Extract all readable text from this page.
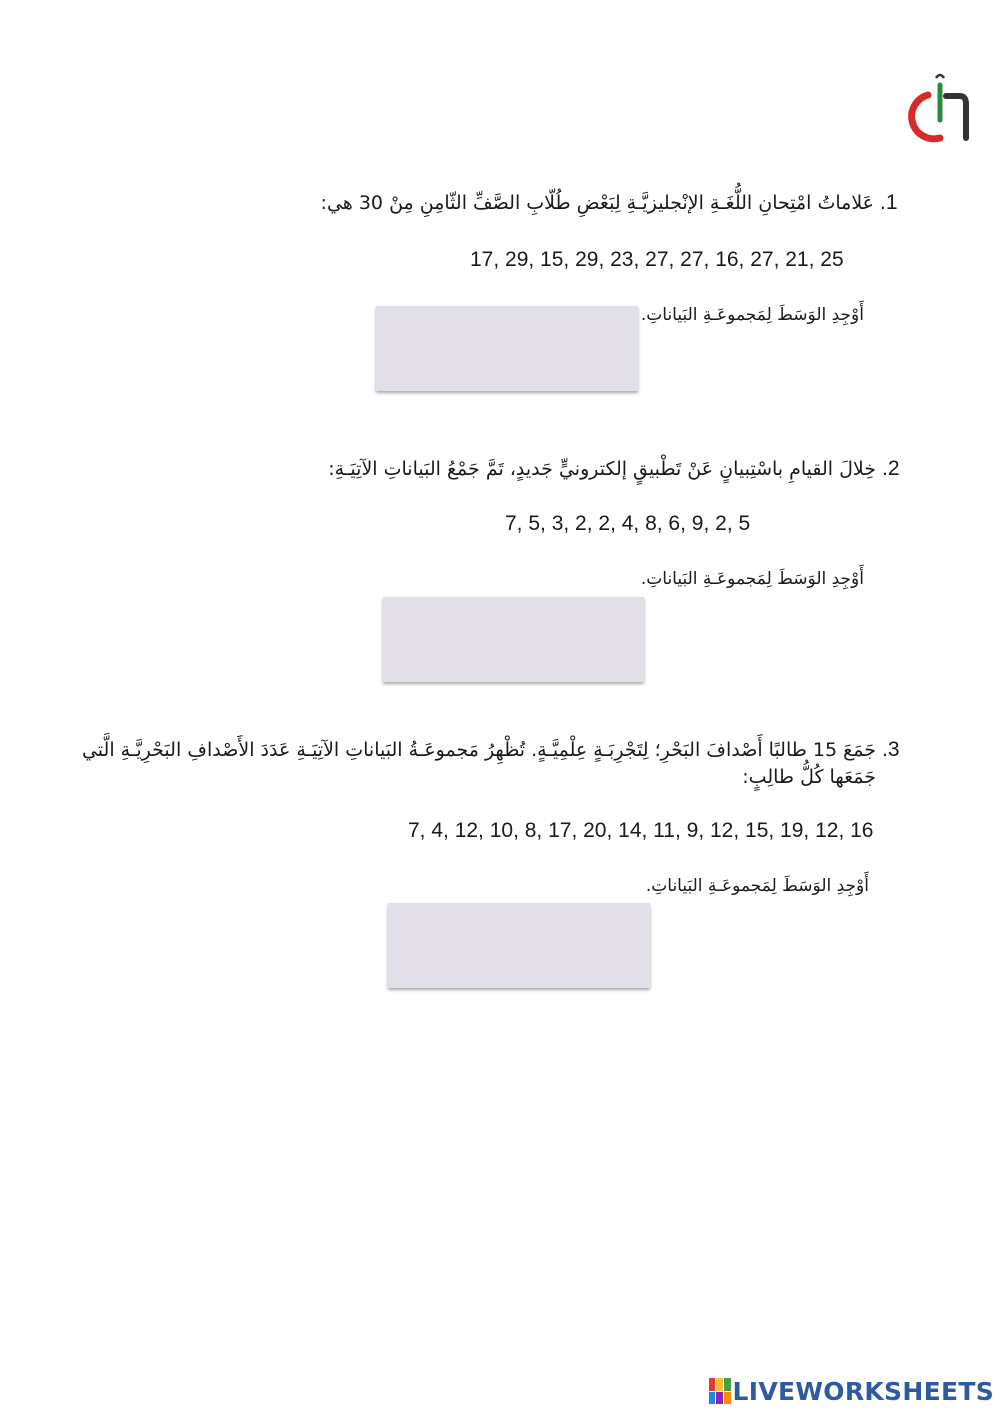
.1
عَلاماتُ امْتِحانِ اللُّغَـةِ الإنْجليزيَّـةِ لِبَعْضِ طُلّابِ الصَّفِّ الثّامِنِ مِنْ 30 هي:
17, 29, 15, 29, 23, 27, 27, 16, 27, 21, 25
أَوْجِدِ الوَسَطَ لِمَجموعَـةِ البَياناتِ.
.2
خِلالَ القيامِ باسْتِبيانٍ عَنْ تَطْبيقٍ إلكترونيٍّ جَديدٍ، تَمَّ جَمْعُ البَياناتِ الآتِيَـةِ:
7, 5, 3, 2, 2, 4, 8, 6, 9, 2, 5
أَوْجِدِ الوَسَطَ لِمَجموعَـةِ البَياناتِ.
.3
جَمَعَ 15 طالبًا أَصْدافَ البَحْرِ؛ لِتَجْرِبَـةٍ عِلْمِيَّـةٍ. تُظْهِرُ مَجموعَـةُ البَياناتِ الآتِيَـةِ عَدَدَ الأَصْدافِ البَحْرِيَّـةِ الَّتي
جَمَعَها كُلُّ طالِبٍ:
7, 4, 12, 10, 8, 17, 20, 14, 11, 9, 12, 15, 19, 12, 16
أَوْجِدِ الوَسَطَ لِمَجموعَـةِ البَياناتِ.
LIVEWORKSHEETS
